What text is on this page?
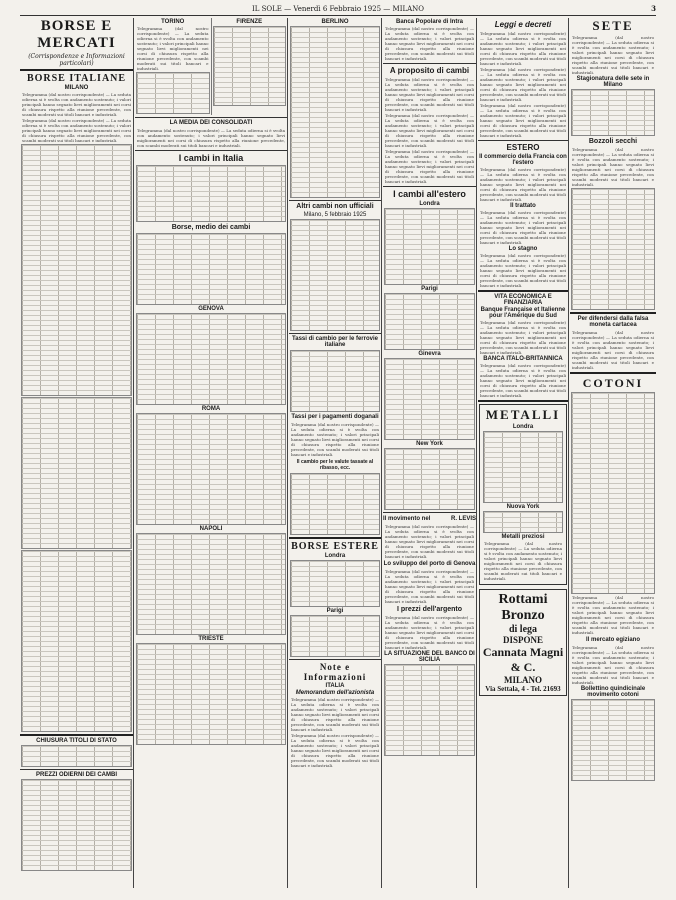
IL SOLE — Venerdì 6 Febbraio 1925 — MILANO	3
BORSE E MERCATI
(Corrispondenze e Informazioni particolari)
BORSE ITALIANE
MILANO
Telegramma (dal nostro corrispondente) — La seduta odierna si è svolta con andamento sostenuto; i valori principali hanno segnato lievi miglioramenti nei corsi di chiusura rispetto alla riunione precedente, con scambi moderati sui titoli bancari e industriali.
Telegramma (dal nostro corrispondente) — La seduta odierna si è svolta con andamento sostenuto; i valori principali hanno segnato lievi miglioramenti nei corsi di chiusura rispetto alla riunione precedente, con scambi moderati sui titoli bancari e industriali.
CHIUSURA TITOLI DI STATO
PREZZI ODIERNI DEI CAMBI
TORINO
Telegramma (dal nostro corrispondente) — La seduta odierna si è svolta con andamento sostenuto; i valori principali hanno segnato lievi miglioramenti nei corsi di chiusura rispetto alla riunione precedente, con scambi moderati sui titoli bancari e industriali.
FIRENZE
LA MEDIA DEI CONSOLIDATI
Telegramma (dal nostro corrispondente) — La seduta odierna si è svolta con andamento sostenuto; i valori principali hanno segnato lievi miglioramenti nei corsi di chiusura rispetto alla riunione precedente, con scambi moderati sui titoli bancari e industriali.
I cambi in Italia
Borse, medio dei cambi
GENOVA
ROMA
NAPOLI
TRIESTE
BERLINO
Altri cambi non ufficiali
Milano, 5 febbraio 1925
Tassi di cambio per le ferrovie italiane
Tassi per i pagamenti doganali
Telegramma (dal nostro corrispondente) — La seduta odierna si è svolta con andamento sostenuto; i valori principali hanno segnato lievi miglioramenti nei corsi di chiusura rispetto alla riunione precedente, con scambi moderati sui titoli bancari e industriali.
Il cambio per le valute tassate al ribasso, ecc.
BORSE ESTERE
Londra
Parigi
Note e Informazioni
ITALIA
Memorandum dell'azionista
Telegramma (dal nostro corrispondente) — La seduta odierna si è svolta con andamento sostenuto; i valori principali hanno segnato lievi miglioramenti nei corsi di chiusura rispetto alla riunione precedente, con scambi moderati sui titoli bancari e industriali.
Telegramma (dal nostro corrispondente) — La seduta odierna si è svolta con andamento sostenuto; i valori principali hanno segnato lievi miglioramenti nei corsi di chiusura rispetto alla riunione precedente, con scambi moderati sui titoli bancari e industriali.
Banca Popolare di Intra
Telegramma (dal nostro corrispondente) — La seduta odierna si è svolta con andamento sostenuto; i valori principali hanno segnato lievi miglioramenti nei corsi di chiusura rispetto alla riunione precedente, con scambi moderati sui titoli bancari e industriali.
A proposito di cambi
Telegramma (dal nostro corrispondente) — La seduta odierna si è svolta con andamento sostenuto; i valori principali hanno segnato lievi miglioramenti nei corsi di chiusura rispetto alla riunione precedente, con scambi moderati sui titoli bancari e industriali.
Telegramma (dal nostro corrispondente) — La seduta odierna si è svolta con andamento sostenuto; i valori principali hanno segnato lievi miglioramenti nei corsi di chiusura rispetto alla riunione precedente, con scambi moderati sui titoli bancari e industriali.
Telegramma (dal nostro corrispondente) — La seduta odierna si è svolta con andamento sostenuto; i valori principali hanno segnato lievi miglioramenti nei corsi di chiusura rispetto alla riunione precedente, con scambi moderati sui titoli bancari e industriali.
I cambi all'estero
Londra
Parigi
Ginevra
New York
Il movimento nel	R. LEVIS
Telegramma (dal nostro corrispondente) — La seduta odierna si è svolta con andamento sostenuto; i valori principali hanno segnato lievi miglioramenti nei corsi di chiusura rispetto alla riunione precedente, con scambi moderati sui titoli bancari e industriali.
Lo sviluppo del porto di Genova
Telegramma (dal nostro corrispondente) — La seduta odierna si è svolta con andamento sostenuto; i valori principali hanno segnato lievi miglioramenti nei corsi di chiusura rispetto alla riunione precedente, con scambi moderati sui titoli bancari e industriali.
I prezzi dell'argento
Telegramma (dal nostro corrispondente) — La seduta odierna si è svolta con andamento sostenuto; i valori principali hanno segnato lievi miglioramenti nei corsi di chiusura rispetto alla riunione precedente, con scambi moderati sui titoli bancari e industriali.
LA SITUAZIONE DEL BANCO DI SICILIA
Leggi e decreti
Telegramma (dal nostro corrispondente) — La seduta odierna si è svolta con andamento sostenuto; i valori principali hanno segnato lievi miglioramenti nei corsi di chiusura rispetto alla riunione precedente, con scambi moderati sui titoli bancari e industriali.
Telegramma (dal nostro corrispondente) — La seduta odierna si è svolta con andamento sostenuto; i valori principali hanno segnato lievi miglioramenti nei corsi di chiusura rispetto alla riunione precedente, con scambi moderati sui titoli bancari e industriali.
Telegramma (dal nostro corrispondente) — La seduta odierna si è svolta con andamento sostenuto; i valori principali hanno segnato lievi miglioramenti nei corsi di chiusura rispetto alla riunione precedente, con scambi moderati sui titoli bancari e industriali.
ESTERO
Il commercio della Francia con l'estero
Telegramma (dal nostro corrispondente) — La seduta odierna si è svolta con andamento sostenuto; i valori principali hanno segnato lievi miglioramenti nei corsi di chiusura rispetto alla riunione precedente, con scambi moderati sui titoli bancari e industriali.
Il trattato
Telegramma (dal nostro corrispondente) — La seduta odierna si è svolta con andamento sostenuto; i valori principali hanno segnato lievi miglioramenti nei corsi di chiusura rispetto alla riunione precedente, con scambi moderati sui titoli bancari e industriali.
Lo stagno
Telegramma (dal nostro corrispondente) — La seduta odierna si è svolta con andamento sostenuto; i valori principali hanno segnato lievi miglioramenti nei corsi di chiusura rispetto alla riunione precedente, con scambi moderati sui titoli bancari e industriali.
VITA ECONOMICA E FINANZIARIA
Banque Française et Italienne pour l'Amérique du Sud
Telegramma (dal nostro corrispondente) — La seduta odierna si è svolta con andamento sostenuto; i valori principali hanno segnato lievi miglioramenti nei corsi di chiusura rispetto alla riunione precedente, con scambi moderati sui titoli bancari e industriali.
BANCA ITALO-BRITANNICA
Telegramma (dal nostro corrispondente) — La seduta odierna si è svolta con andamento sostenuto; i valori principali hanno segnato lievi miglioramenti nei corsi di chiusura rispetto alla riunione precedente, con scambi moderati sui titoli bancari e industriali.
METALLI
Londra
Nuova York
Metalli preziosi
Telegramma (dal nostro corrispondente) — La seduta odierna si è svolta con andamento sostenuto; i valori principali hanno segnato lievi miglioramenti nei corsi di chiusura rispetto alla riunione precedente, con scambi moderati sui titoli bancari e industriali.
Rottami Bronzo
di lega
DISPONE
Cannata Magni & C.
MILANO
Via Settala, 4 - Tel. 21693
SETE
Telegramma (dal nostro corrispondente) — La seduta odierna si è svolta con andamento sostenuto; i valori principali hanno segnato lievi miglioramenti nei corsi di chiusura rispetto alla riunione precedente, con scambi moderati sui titoli bancari e industriali.
Stagionatura delle sete in Milano
Bozzoli secchi
Telegramma (dal nostro corrispondente) — La seduta odierna si è svolta con andamento sostenuto; i valori principali hanno segnato lievi miglioramenti nei corsi di chiusura rispetto alla riunione precedente, con scambi moderati sui titoli bancari e industriali.
Per difendersi dalla falsa moneta cartacea
Telegramma (dal nostro corrispondente) — La seduta odierna si è svolta con andamento sostenuto; i valori principali hanno segnato lievi miglioramenti nei corsi di chiusura rispetto alla riunione precedente, con scambi moderati sui titoli bancari e industriali.
COTONI
Telegramma (dal nostro corrispondente) — La seduta odierna si è svolta con andamento sostenuto; i valori principali hanno segnato lievi miglioramenti nei corsi di chiusura rispetto alla riunione precedente, con scambi moderati sui titoli bancari e industriali.
Il mercato egiziano
Telegramma (dal nostro corrispondente) — La seduta odierna si è svolta con andamento sostenuto; i valori principali hanno segnato lievi miglioramenti nei corsi di chiusura rispetto alla riunione precedente, con scambi moderati sui titoli bancari e industriali.
Bollettino quindicinale movimento cotoni
